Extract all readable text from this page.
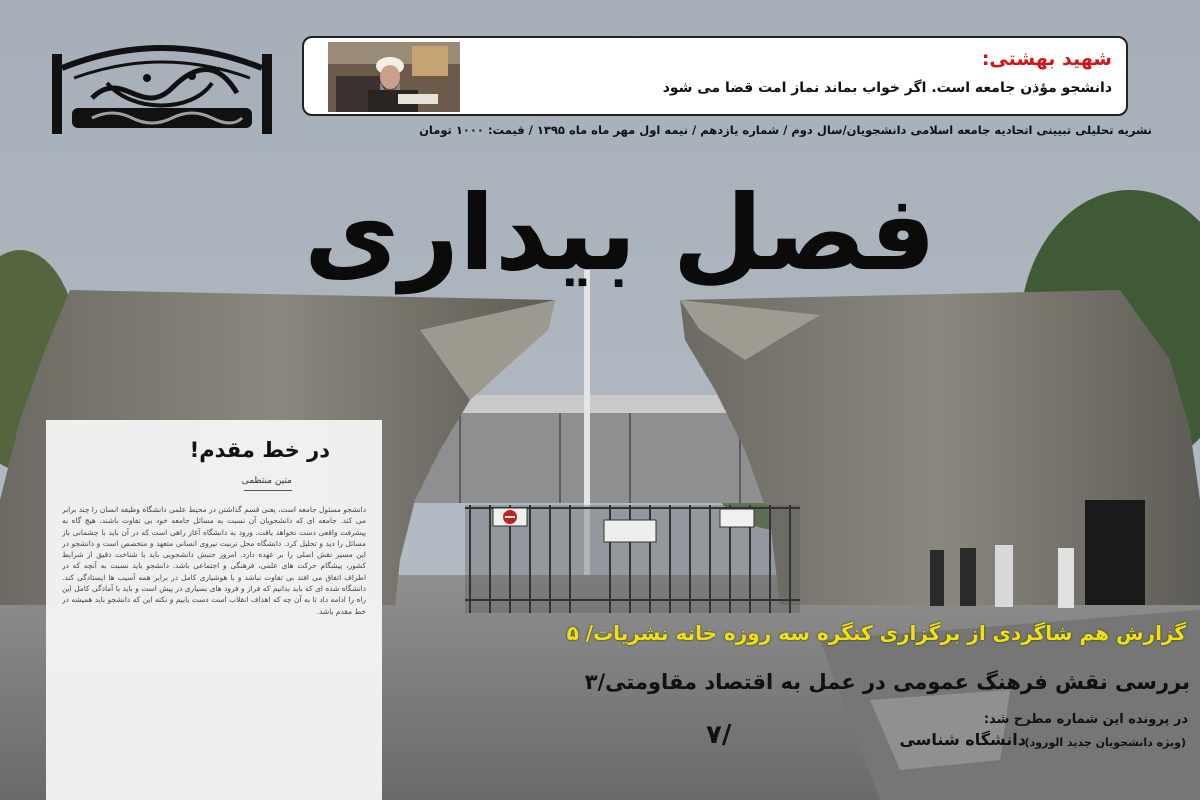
شهید بهشتی:
دانشجو مؤذن جامعه است. اگر خواب بماند نماز امت قضا می شود
نشریه تحلیلی تبیینی اتحادیه جامعه اسلامی دانشجویان/سال دوم / شماره یازدهم / نیمه اول مهر ماه ماه ۱۳۹۵ / قیمت: ۱۰۰۰ تومان
فصل بیداری
در خط مقدم!
متین منتظمی
دانشجو مسئول جامعه است، یعنی قسم گذاشتن در محیط علمی دانشگاه وظیفه انسان را چند برابر می کند. جامعه ای که دانشجویان آن نسبت به مسائل جامعه خود بی تفاوت باشند، هیچ گاه به پیشرفت واقعی دست نخواهد یافت. ورود به دانشگاه آغاز راهی است که در آن باید با چشمانی باز مسائل را دید و تحلیل کرد. دانشگاه محل تربیت نیروی انسانی متعهد و متخصص است و دانشجو در این مسیر نقش اصلی را بر عهده دارد. امروز جنبش دانشجویی باید با شناخت دقیق از شرایط کشور، پیشگام حرکت های علمی، فرهنگی و اجتماعی باشد. دانشجو باید نسبت به آنچه که در اطراف اتفاق می افتد بی تفاوت نباشد و با هوشیاری کامل در برابر همه آسیب ها ایستادگی کند. دانشگاه شده ای که باید بدانیم که فراز و فرود های بسیاری در پیش است و باید با آمادگی کامل این راه را ادامه داد تا به آن چه که اهداف انقلاب است دست یابیم و نکته این که دانشجو باید همیشه در خط مقدم باشد.
گزارش هم شاگردی از برگزاری کنگره سه روزه خانه نشریات/ ۵
بررسی نقش فرهنگ عمومی در عمل به اقتصاد مقاومتی/۳
در پرونده این شماره مطرح شد:
دانشگاه شناسی
(ویژه دانشجویان جدید الورود)
/۷
